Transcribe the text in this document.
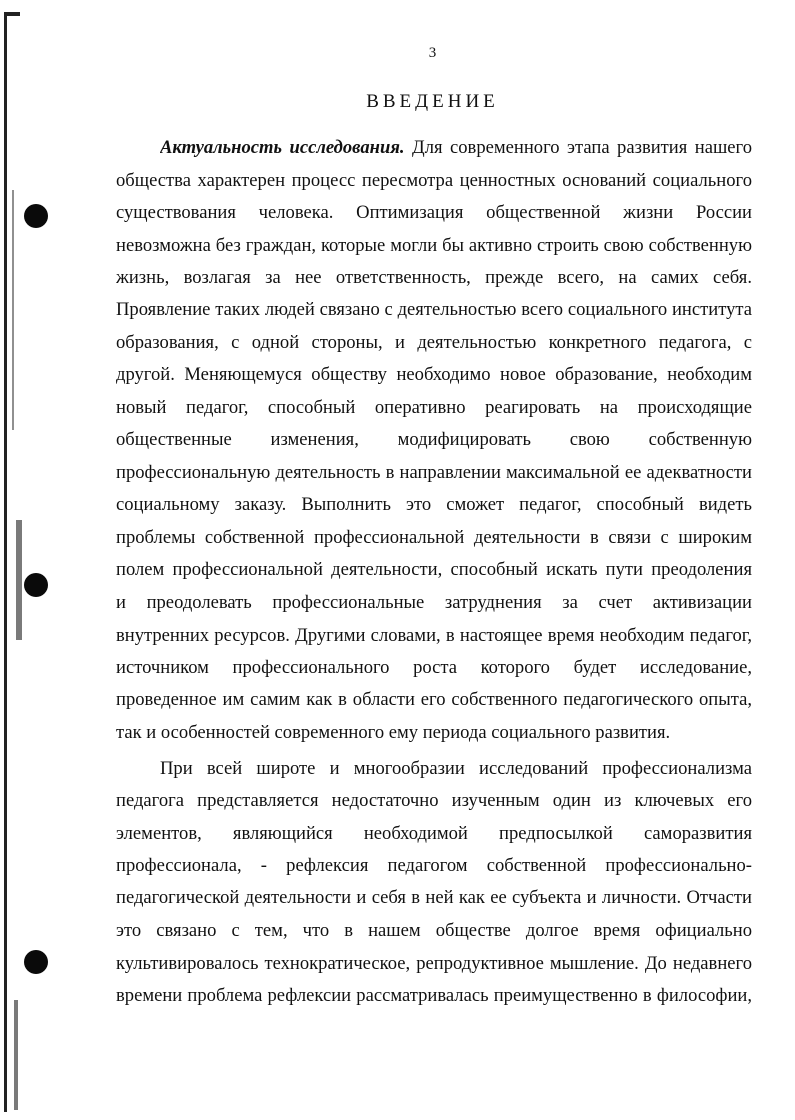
3
ВВЕДЕНИЕ
Актуальность исследования. Для современного этапа развития нашего
общества характерен процесс пересмотра ценностных оснований социального
существования человека. Оптимизация общественной жизни России
невозможна без граждан, которые могли бы активно строить свою собственную
жизнь, возлагая за нее ответственность, прежде всего, на самих себя.
Проявление таких людей связано с деятельностью всего социального института
образования, с одной стороны, и деятельностью конкретного педагога, с
другой. Меняющемуся обществу необходимо новое образование, необходим
новый педагог, способный оперативно реагировать на происходящие
общественные изменения, модифицировать свою собственную
профессиональную деятельность в направлении максимальной ее адекватности
социальному заказу. Выполнить это сможет педагог, способный видеть
проблемы собственной профессиональной деятельности в связи с широким
полем профессиональной деятельности, способный искать пути преодоления
и преодолевать профессиональные затруднения за счет активизации
внутренних ресурсов. Другими словами, в настоящее время необходим педагог,
источником профессионального роста которого будет исследование,
проведенное им самим как в области его собственного педагогического опыта,
так и особенностей современного ему периода социального развития.
При всей широте и многообразии исследований профессионализма
педагога представляется недостаточно изученным один из ключевых его
элементов, являющийся необходимой предпосылкой саморазвития
профессионала, - рефлексия педагогом собственной профессионально-
педагогической деятельности и себя в ней как ее субъекта и личности. Отчасти
это связано с тем, что в нашем обществе долгое время официально
культивировалось технократическое, репродуктивное мышление. До недавнего
времени проблема рефлексии рассматривалась преимущественно в философии,
